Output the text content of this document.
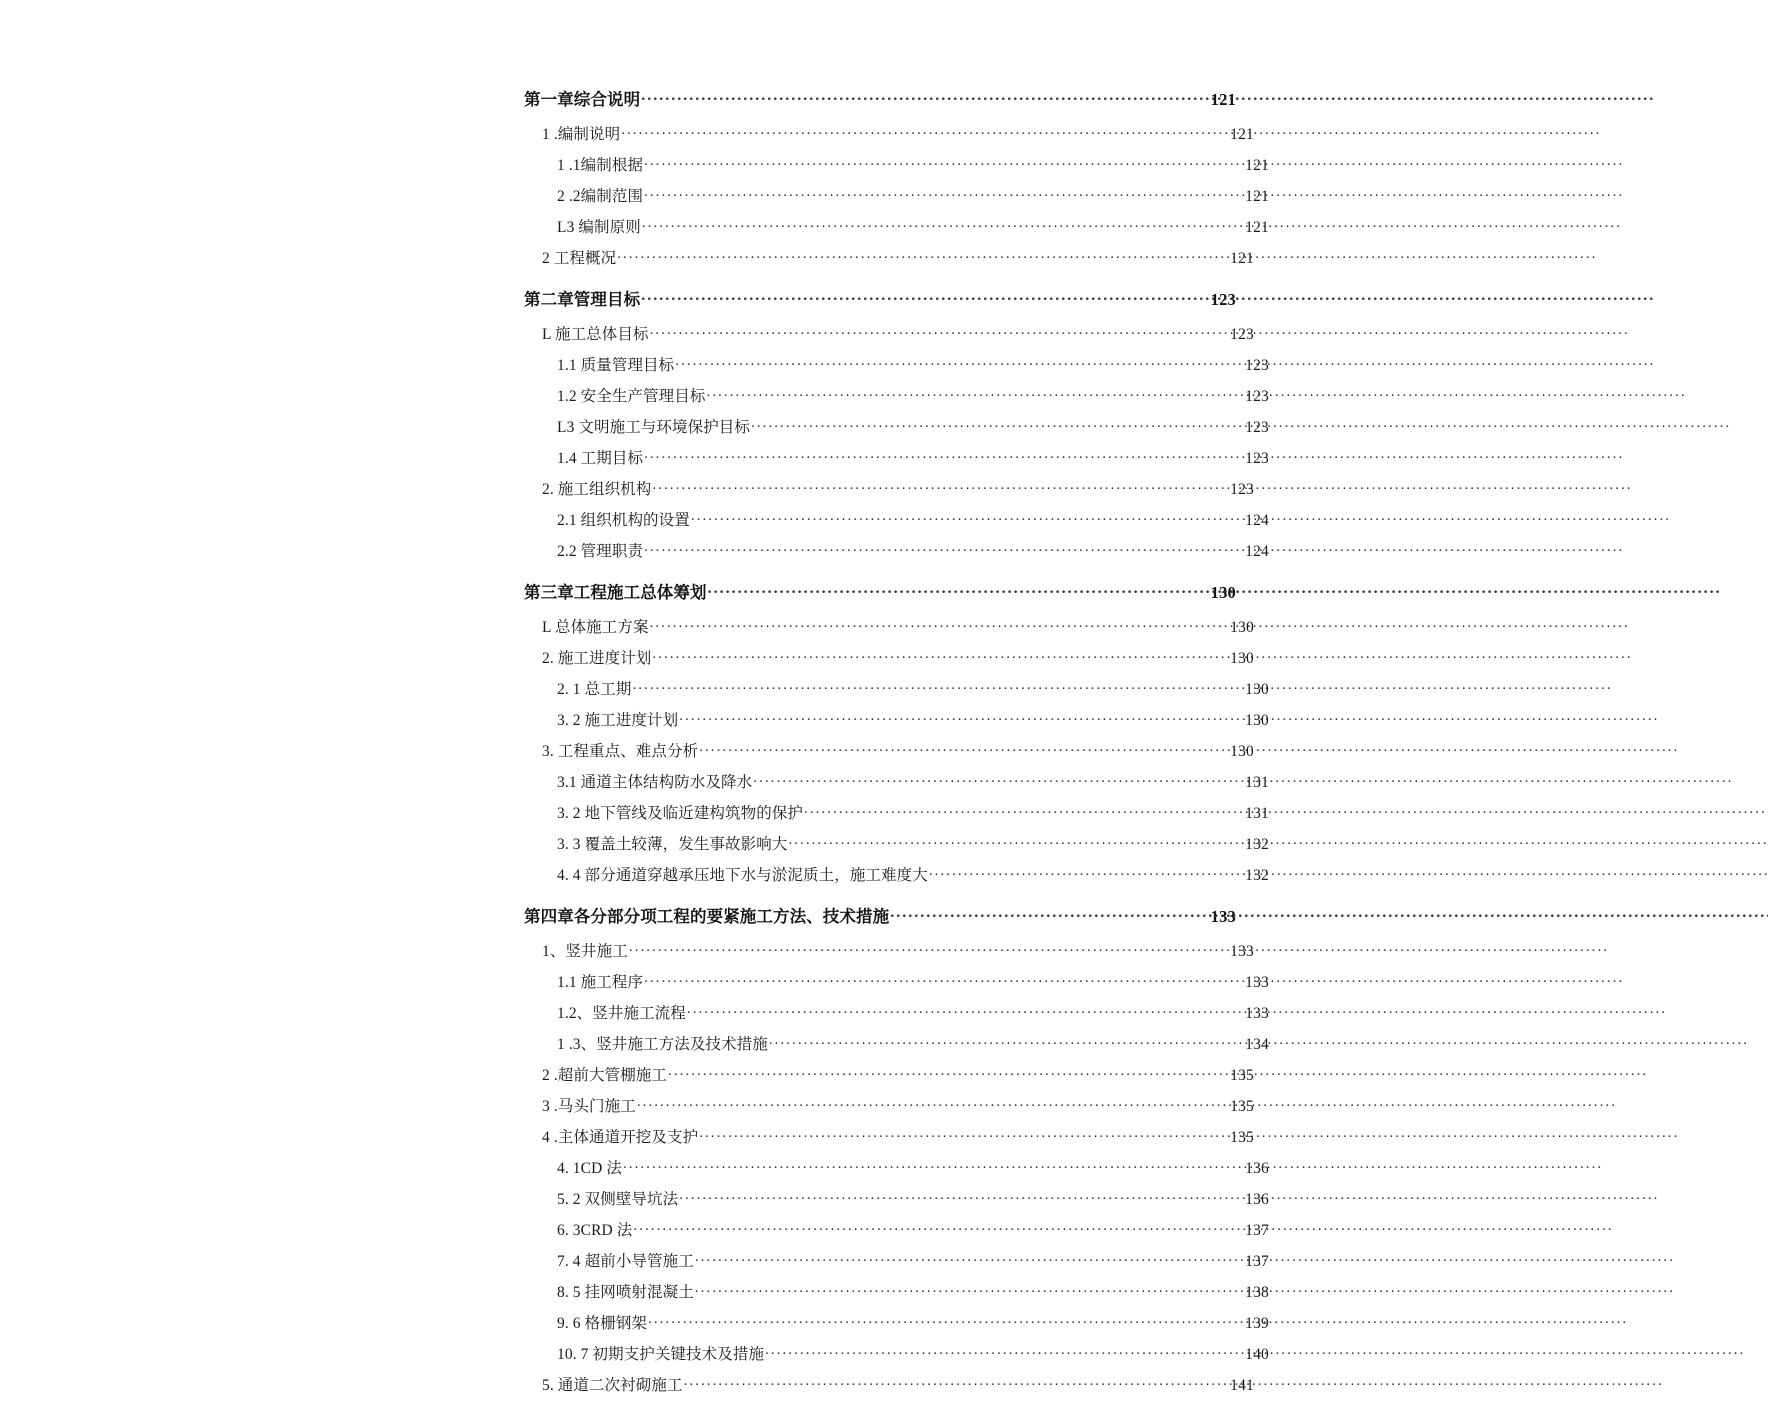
第一章综合说明 .....	121
1 .编制说明 .....	121
1 .1编制根据 .....	121
2 .2编制范围 .....	121
L3 编制原则 .....	121
2 工程概况 .....	121
第二章管理目标 .....	123
L 施工总体目标 .....	123
1.1 质量管理目标 .....	123
1.2 安全生产管理目标 .....	123
L3 文明施工与环境保护目标 .....	123
1.4 工期目标 .....	123
2. 施工组织机构 .....	123
2.1 组织机构的设置 .....	124
2.2 管理职责 .....	124
第三章工程施工总体筹划 .....	130
L 总体施工方案 .....	130
2. 施工进度计划 .....	130
2. 1 总工期 .....	130
3. 2 施工进度计划 .....	130
3. 工程重点、难点分析 .....	130
3.1 通道主体结构防水及降水 .....	131
3. 2 地下管线及临近建构筑物的保护 .....	131
3. 3 覆盖土较薄，发生事故影响大 .....	132
4. 4 部分通道穿越承压地下水与淤泥质土，施工难度大 .....	132
第四章各分部分项工程的要紧施工方法、技术措施 .....	133
1、竖井施工 .....	133
1.1 施工程序 .....	133
1.2、竖井施工流程 .....	133
1 .3、竖井施工方法及技术措施 .....	134
2 .超前大管棚施工 .....	135
3 .马头门施工 .....	135
4 .主体通道开挖及支护 .....	135
4. 1CD 法 .....	136
5. 2 双侧壁导坑法 .....	136
6. 3CRD 法 .....	137
7. 4 超前小导管施工 .....	137
8. 5 挂网喷射混凝土 .....	138
9. 6 格栅钢架 .....	139
10. 7 初期支护关键技术及措施 .....	140
5. 通道二次衬砌施工 .....	141
